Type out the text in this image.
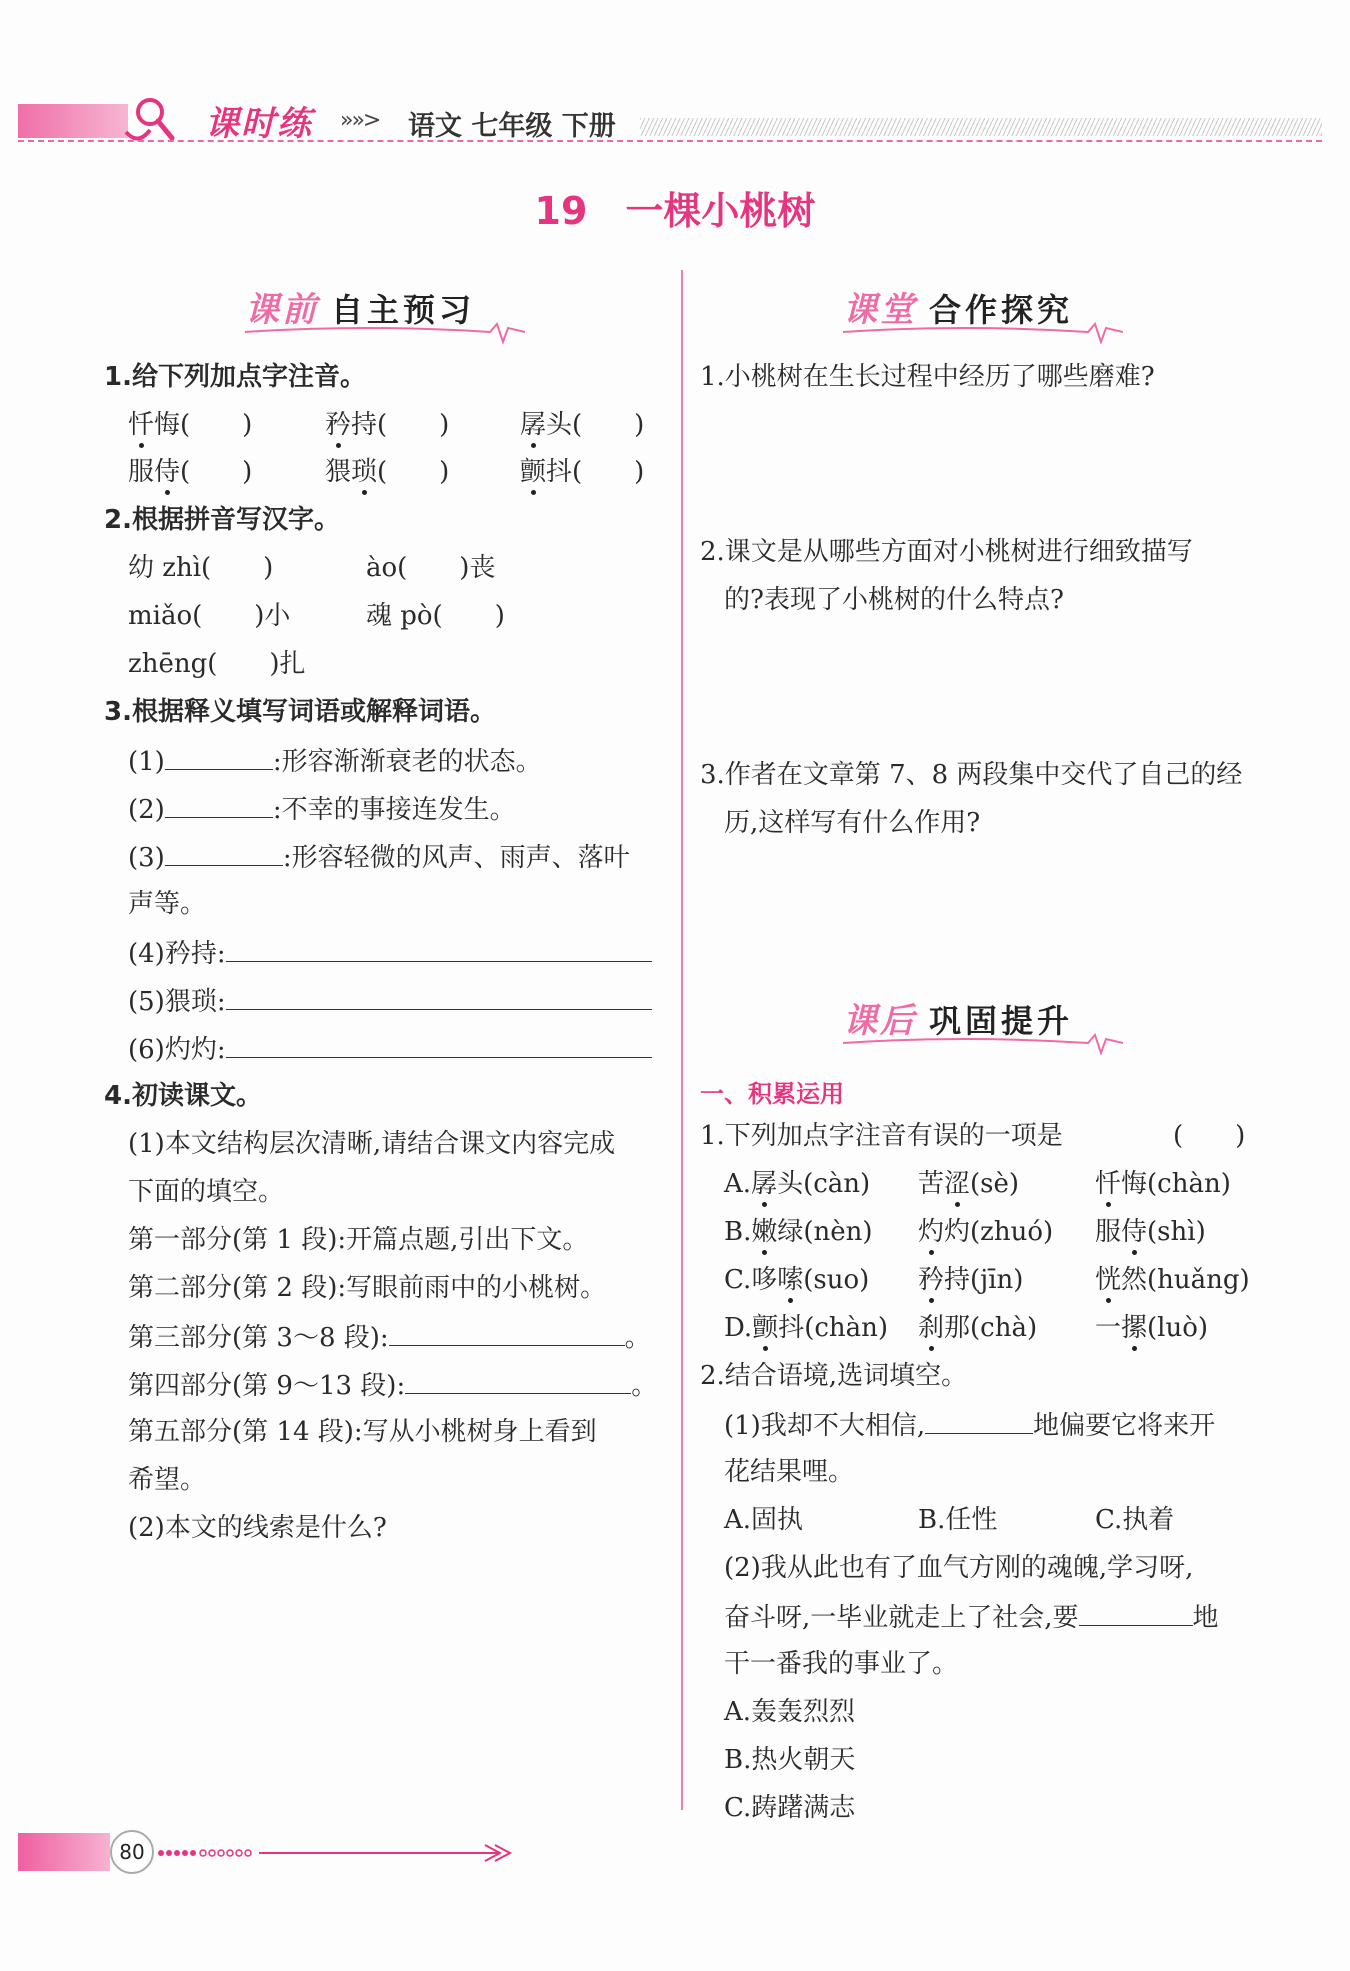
课时练 »»> 语文 七年级 下册
19　一棵小桃树
课前 自主预习
1.给下列加点字注音。
忏悔(　　)	矜持(　　)	孱头(　　)
服侍(　　)	猥琐(　　)	颤抖(　　)
2.根据拼音写汉字。
幼 zhì(　　)	ào(　　)丧
miǎo(　　)小	魂 pò(　　)
zhēng(　　)扎
3.根据释义填写词语或解释词语。
(1)	:形容渐渐衰老的状态。
(2)	:不幸的事接连发生。
(3)	:形容轻微的风声、雨声、落叶
声等。
(4)矜持:
(5)猥琐:
(6)灼灼:
4.初读课文。
(1)本文结构层次清晰,请结合课文内容完成
下面的填空。
第一部分(第 1 段):开篇点题,引出下文。
第二部分(第 2 段):写眼前雨中的小桃树。
第三部分(第 3～8 段):	。
第四部分(第 9～13 段):	。
第五部分(第 14 段):写从小桃树身上看到
希望。
(2)本文的线索是什么?
课堂 合作探究
1.小桃树在生长过程中经历了哪些磨难?
2.课文是从哪些方面对小桃树进行细致描写
的?表现了小桃树的什么特点?
3.作者在文章第 7、8 两段集中交代了自己的经
历,这样写有什么作用?
课后 巩固提升
一、积累运用
1.下列加点字注音有误的一项是	(　　)
A.孱头(càn) 苦涩(sè)	忏悔(chàn)
B.嫩绿(nèn) 灼灼(zhuó) 服侍(shì)
C.哆嗦(suo) 矜持(jīn)	恍然(huǎng)
D.颤抖(chàn) 刹那(chà) 一摞(luò)
2.结合语境,选词填空。
(1)我却不大相信,	地偏要它将来开
花结果哩。
A.固执	B.任性	C.执着
(2)我从此也有了血气方刚的魂魄,学习呀,
奋斗呀,一毕业就走上了社会,要	地
干一番我的事业了。
A.轰轰烈烈
B.热火朝天
C.踌躇满志
80
